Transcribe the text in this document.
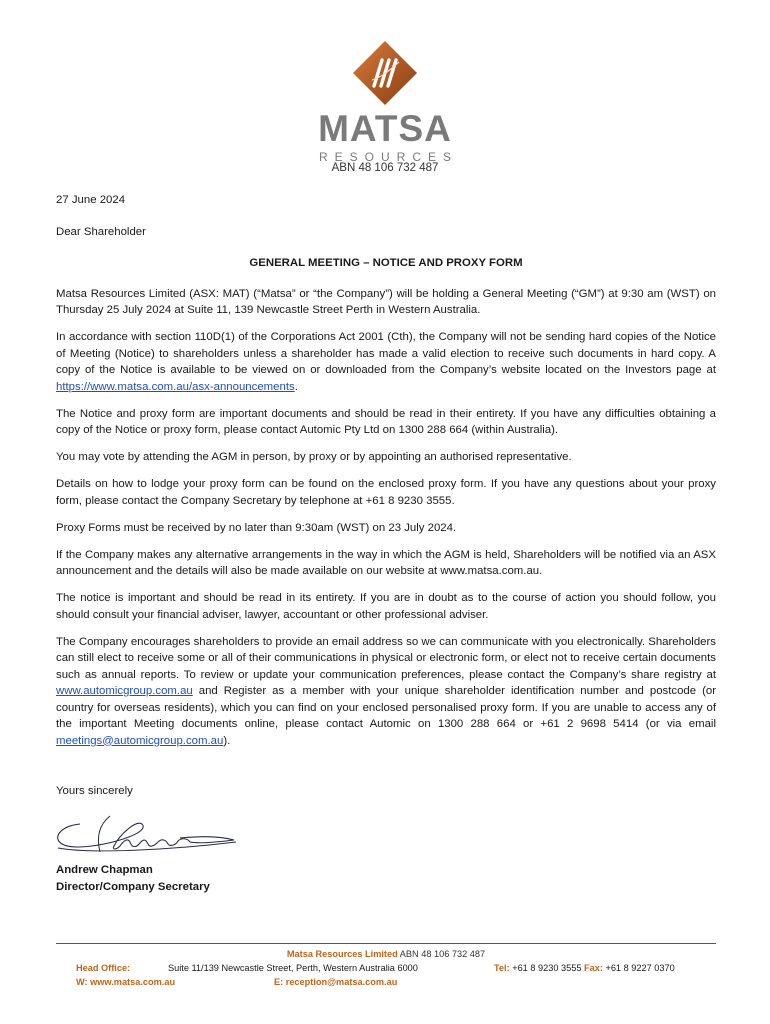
MATSA
RESOURCES
ABN 48 106 732 487

27 June 2024

Dear Shareholder

GENERAL MEETING – NOTICE AND PROXY FORM

Matsa Resources Limited (ASX: MAT) (“Matsa” or “the Company”) will be holding a General Meeting (“GM”) at 9:30 am (WST) on Thursday 25 July 2024 at Suite 11, 139 Newcastle Street Perth in Western Australia.

In accordance with section 110D(1) of the Corporations Act 2001 (Cth), the Company will not be sending hard copies of the Notice of Meeting (Notice) to shareholders unless a shareholder has made a valid election to receive such documents in hard copy. A copy of the Notice is available to be viewed on or downloaded from the Company’s website located on the Investors page at https://www.matsa.com.au/asx-announcements.

The Notice and proxy form are important documents and should be read in their entirety. If you have any difficulties obtaining a copy of the Notice or proxy form, please contact Automic Pty Ltd on 1300 288 664 (within Australia).

You may vote by attending the AGM in person, by proxy or by appointing an authorised representative.

Details on how to lodge your proxy form can be found on the enclosed proxy form. If you have any questions about your proxy form, please contact the Company Secretary by telephone at +61 8 9230 3555.

Proxy Forms must be received by no later than 9:30am (WST) on 23 July 2024.

If the Company makes any alternative arrangements in the way in which the AGM is held, Shareholders will be notified via an ASX announcement and the details will also be made available on our website at www.matsa.com.au.

The notice is important and should be read in its entirety. If you are in doubt as to the course of action you should follow, you should consult your financial adviser, lawyer, accountant or other professional adviser.

The Company encourages shareholders to provide an email address so we can communicate with you electronically. Shareholders can still elect to receive some or all of their communications in physical or electronic form, or elect not to receive certain documents such as annual reports. To review or update your communication preferences, please contact the Company’s share registry at www.automicgroup.com.au and Register as a member with your unique shareholder identification number and postcode (or country for overseas residents), which you can find on your enclosed personalised proxy form. If you are unable to access any of the important Meeting documents online, please contact Automic on 1300 288 664 or +61 2 9698 5414 (or via email meetings@automicgroup.com.au).

Yours sincerely

Andrew Chapman

Director/Company Secretary

Matsa Resources Limited ABN 48 106 732 487
Head Office:	Suite 11/139 Newcastle Street, Perth, Western Australia 6000	Tel: +61 8 9230 3555 Fax: +61 8 9227 0370
W: www.matsa.com.au	E: reception@matsa.com.au
